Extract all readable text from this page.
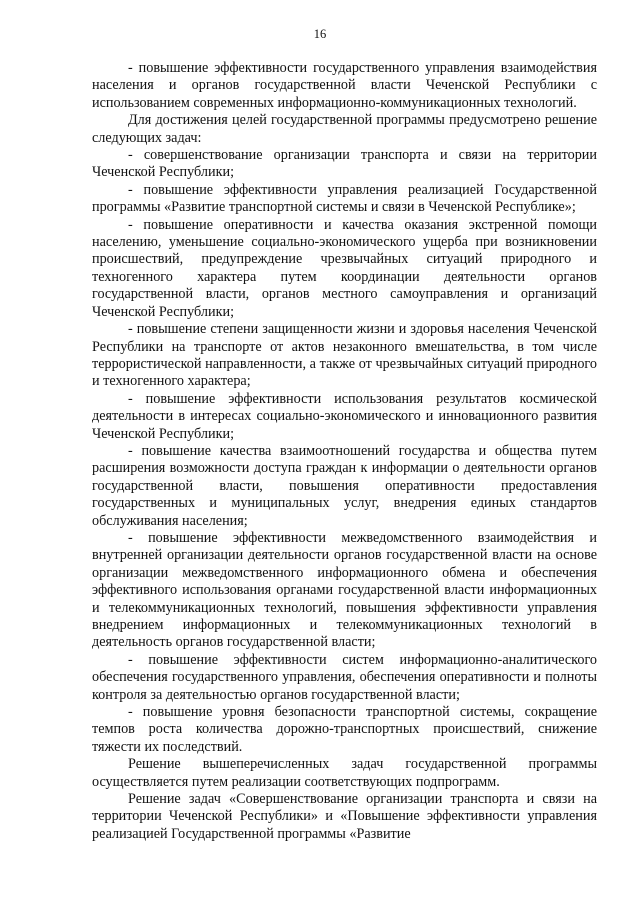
16

- повышение эффективности государственного управления взаимодействия населения и органов государственной власти Чеченской Республики с использованием современных информационно-коммуникационных технологий.

Для достижения целей государственной программы предусмотрено решение следующих задач:

- совершенствование организации транспорта и связи на территории Чеченской Республики;

- повышение эффективности управления реализацией Государственной программы «Развитие транспортной системы и связи в Чеченской Республике»;

- повышение оперативности и качества оказания экстренной помощи населению, уменьшение социально-экономического ущерба при возникновении происшествий, предупреждение чрезвычайных ситуаций природного и техногенного характера путем координации деятельности органов государственной власти, органов местного самоуправления и организаций Чеченской Республики;

- повышение степени защищенности жизни и здоровья населения Чеченской Республики на транспорте от актов незаконного вмешательства, в том числе террористической направленности, а также от чрезвычайных ситуаций природного и техногенного характера;

- повышение эффективности использования результатов космической деятельности в интересах социально-экономического и инновационного развития Чеченской Республики;

- повышение качества взаимоотношений государства и общества путем расширения возможности доступа граждан к информации о деятельности органов государственной власти, повышения оперативности предоставления государственных и муниципальных услуг, внедрения единых стандартов обслуживания населения;

- повышение эффективности межведомственного взаимодействия и внутренней организации деятельности органов государственной власти на основе организации межведомственного информационного обмена и обеспечения эффективного использования органами государственной власти информационных и телекоммуникационных технологий, повышения эффективности управления внедрением информационных и телекоммуникационных технологий в деятельность органов государственной власти;

- повышение эффективности систем информационно-аналитического обеспечения государственного управления, обеспечения оперативности и полноты контроля за деятельностью органов государственной власти;

- повышение уровня безопасности транспортной системы, сокращение темпов роста количества дорожно-транспортных происшествий, снижение тяжести их последствий.

Решение вышеперечисленных задач государственной программы осуществляется путем реализации соответствующих подпрограмм.

Решение задач «Совершенствование организации транспорта и связи на территории Чеченской Республики» и «Повышение эффективности управления реализацией Государственной программы «Развитие
